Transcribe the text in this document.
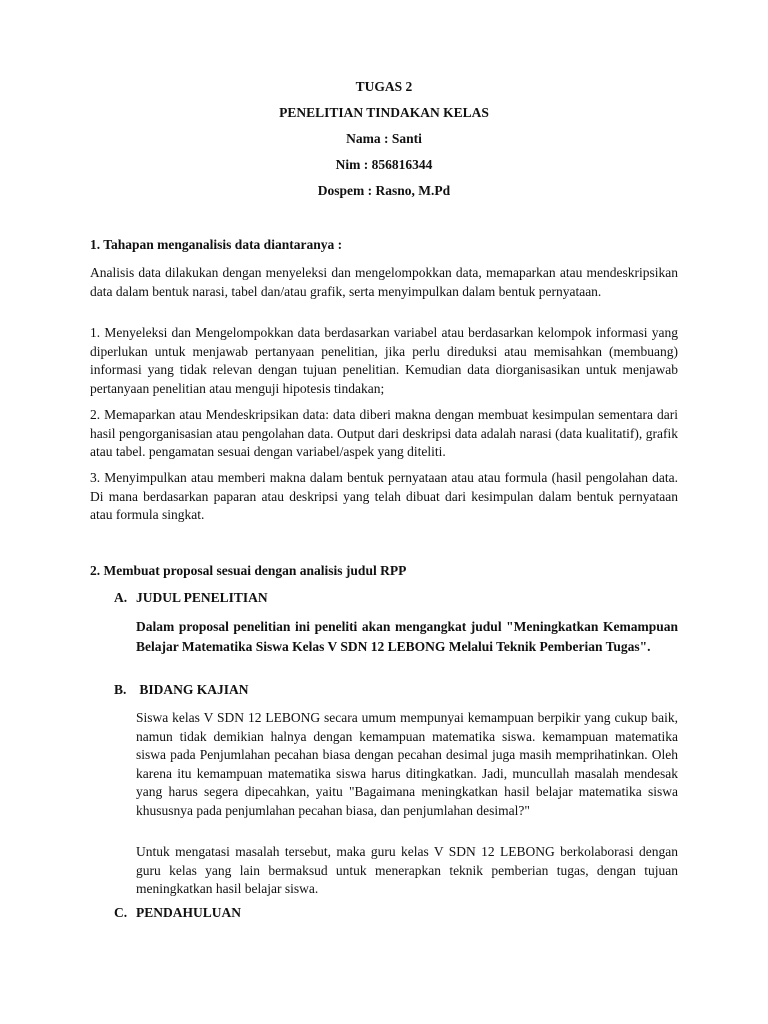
TUGAS 2
PENELITIAN TINDAKAN KELAS
Nama : Santi
Nim : 856816344
Dospem : Rasno, M.Pd
1. Tahapan menganalisis data diantaranya :

Analisis data dilakukan dengan menyeleksi dan mengelompokkan data, memaparkan atau mendeskripsikan data dalam bentuk narasi, tabel dan/atau grafik, serta menyimpulkan dalam bentuk pernyataan.

1. Menyeleksi dan Mengelompokkan data berdasarkan variabel atau berdasarkan kelompok informasi yang diperlukan untuk menjawab pertanyaan penelitian, jika perlu direduksi atau memisahkan (membuang) informasi yang tidak relevan dengan tujuan penelitian. Kemudian data diorganisasikan untuk menjawab pertanyaan penelitian atau menguji hipotesis tindakan;

2. Memaparkan atau Mendeskripsikan data: data diberi makna dengan membuat kesimpulan sementara dari hasil pengorganisasian atau pengolahan data. Output dari deskripsi data adalah narasi (data kualitatif), grafik atau tabel. pengamatan sesuai dengan variabel/aspek yang diteliti.

3. Menyimpulkan atau memberi makna dalam bentuk pernyataan atau atau formula (hasil pengolahan data. Di mana berdasarkan paparan atau deskripsi yang telah dibuat dari kesimpulan dalam bentuk pernyataan atau formula singkat.

2. Membuat proposal sesuai dengan analisis judul RPP
A. JUDUL PENELITIAN

Dalam proposal penelitian ini peneliti akan mengangkat judul "Meningkatkan Kemampuan Belajar Matematika Siswa Kelas V SDN 12 LEBONG Melalui Teknik Pemberian Tugas".

B. BIDANG KAJIAN

Siswa kelas V SDN 12 LEBONG secara umum mempunyai kemampuan berpikir yang cukup baik, namun tidak demikian halnya dengan kemampuan matematika siswa. kemampuan matematika siswa pada Penjumlahan pecahan biasa dengan pecahan desimal juga masih memprihatinkan. Oleh karena itu kemampuan matematika siswa harus ditingkatkan. Jadi, muncullah masalah mendesak yang harus segera dipecahkan, yaitu "Bagaimana meningkatkan hasil belajar matematika siswa khususnya pada penjumlahan pecahan biasa, dan penjumlahan desimal?"

Untuk mengatasi masalah tersebut, maka guru kelas V SDN 12 LEBONG berkolaborasi dengan guru kelas yang lain bermaksud untuk menerapkan teknik pemberian tugas, dengan tujuan meningkatkan hasil belajar siswa.

C. PENDAHULUAN
